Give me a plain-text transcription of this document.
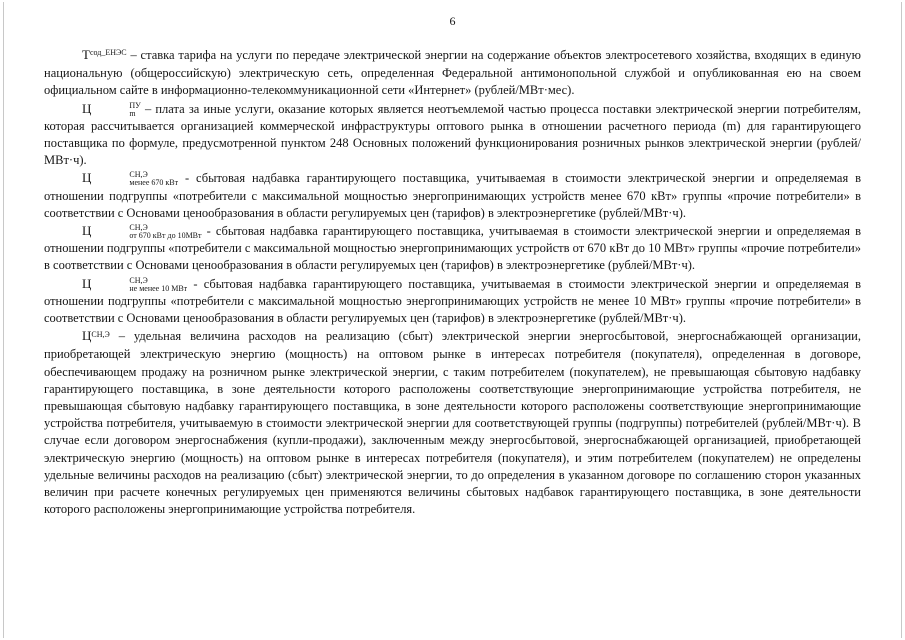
6

$T^{сод\_ЕНЭС}$ – ставка тарифа на услуги по передаче электрической энергии на содержание объектов электросетевого хозяйства, входящих в единую национальную (общероссийскую) электрическую сеть, определенная Федеральной антимонопольной службой и опубликованная ею на своем официальном сайте в информационно-телекоммуникационной сети «Интернет» (рублей/МВт·мес).

Ц	ПУ
m – плата за иные услуги, оказание которых является неотъемлемой частью процесса поставки электрической энергии потребителям, которая рассчитывается организацией коммерческой инфраструктуры оптового рынка в отношении расчетного периода (m) для гарантирующего поставщика по формуле, предусмотренной пунктом 248 Основных положений функционирования розничных рынков электрической энергии (рублей/МВт·ч).

Ц	СН,Э
менее 670 кВт - сбытовая надбавка гарантирующего поставщика, учитываемая в стоимости электрической энергии и определяемая в отношении подгруппы «потребители с максимальной мощностью энергопринимающих устройств менее 670 кВт» группы «прочие потребители» в соответствии с Основами ценообразования в области регулируемых цен (тарифов) в электроэнергетике (рублей/МВт·ч).

Ц	СН,Э
от 670 кВт до 10МВт - сбытовая надбавка гарантирующего поставщика, учитываемая в стоимости электрической энергии и определяемая в отношении подгруппы «потребители с максимальной мощностью энергопринимающих устройств от 670 кВт до 10 МВт» группы «прочие потребители» в соответствии с Основами ценообразования в области регулируемых цен (тарифов) в электроэнергетике (рублей/МВт·ч).

Ц	СН,Э
не менее 10 МВт - сбытовая надбавка гарантирующего поставщика, учитываемая в стоимости электрической энергии и определяемая в отношении подгруппы «потребители с максимальной мощностью энергопринимающих устройств не менее 10 МВт» группы «прочие потребители» в соответствии с Основами ценообразования в области регулируемых цен (тарифов) в электроэнергетике (рублей/МВт·ч).

$Ц^{СН,Э}$ – удельная величина расходов на реализацию (сбыт) электрической энергии энергосбытовой, энергоснабжающей организации, приобретающей электрическую энергию (мощность) на оптовом рынке в интересах потребителя (покупателя), определенная в договоре, обеспечивающем продажу на розничном рынке электрической энергии, с таким потребителем (покупателем), не превышающая сбытовую надбавку гарантирующего поставщика, в зоне деятельности которого расположены соответствующие энергопринимающие устройства потребителя, не превышающая сбытовую надбавку гарантирующего поставщика, в зоне деятельности которого расположены соответствующие энергопринимающие устройства потребителя, учитываемую в стоимости электрической энергии для соответствующей группы (подгруппы) потребителей (рублей/МВт·ч). В случае если договором энергоснабжения (купли-продажи), заключенным между энергосбытовой, энергоснабжающей организацией, приобретающей электрическую энергию (мощность) на оптовом рынке в интересах потребителя (покупателя), и этим потребителем (покупателем) не определены удельные величины расходов на реализацию (сбыт) электрической энергии, то до определения в указанном договоре по соглашению сторон указанных величин при расчете конечных регулируемых цен применяются величины сбытовых надбавок гарантирующего поставщика, в зоне деятельности которого расположены энергопринимающие устройства потребителя.
